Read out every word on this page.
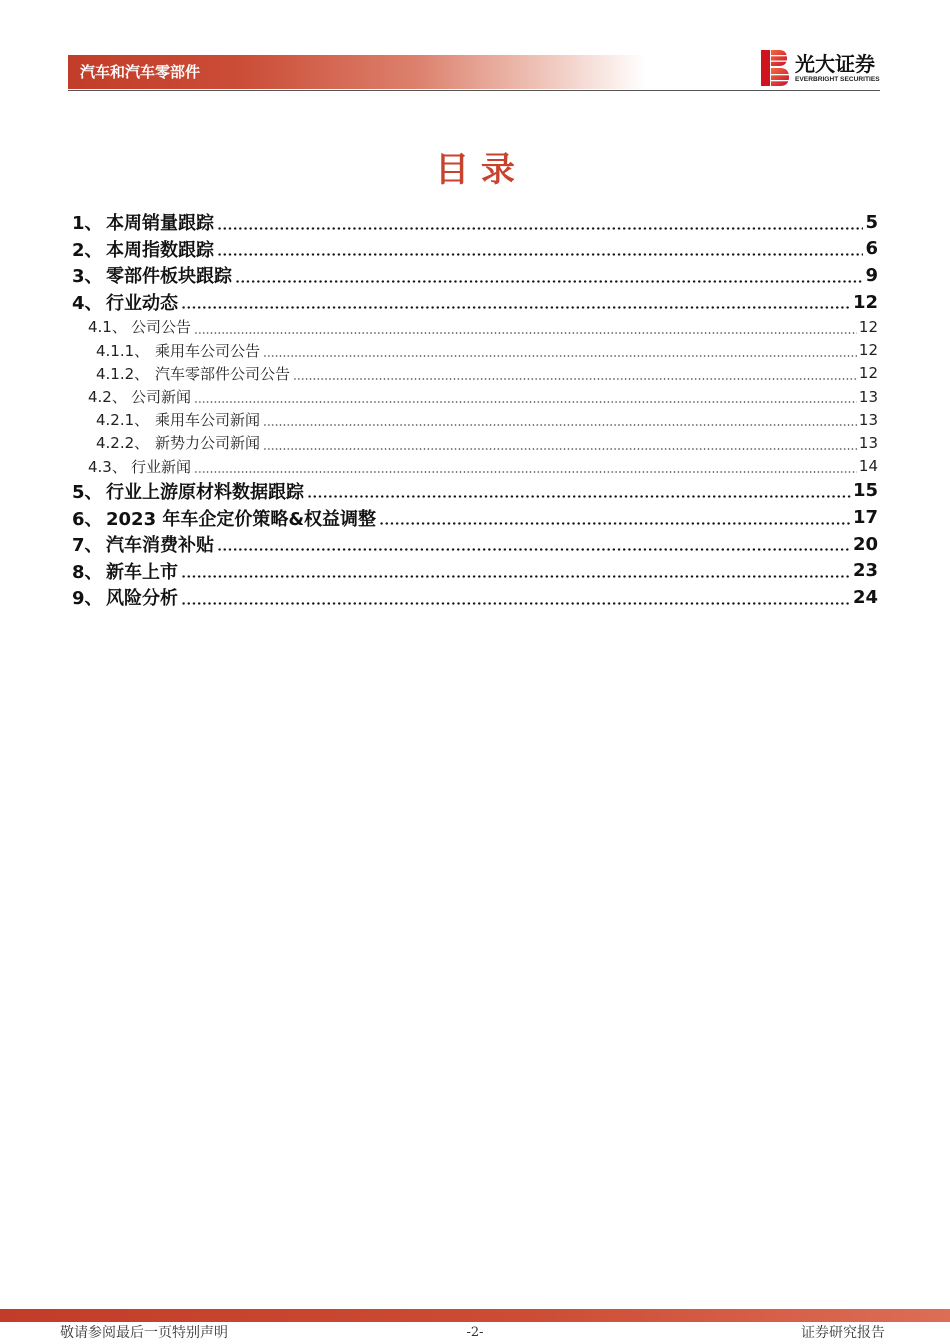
汽车和汽车零部件	光大证券
EVERBRIGHT SECURITIES
目 录
1、 本周销量跟踪	5
2、 本周指数跟踪	6
3、 零部件板块跟踪	9
4、 行业动态	12
4.1、 公司公告	12
4.1.1、 乘用车公司公告	12
4.1.2、 汽车零部件公司公告	12
4.2、 公司新闻	13
4.2.1、 乘用车公司新闻	13
4.2.2、 新势力公司新闻	13
4.3、 行业新闻	14
5、 行业上游原材料数据跟踪	15
6、 2023 年车企定价策略&权益调整	17
7、 汽车消费补贴	20
8、 新车上市	23
9、 风险分析	24
敬请参阅最后一页特别声明	-2-	证券研究报告
